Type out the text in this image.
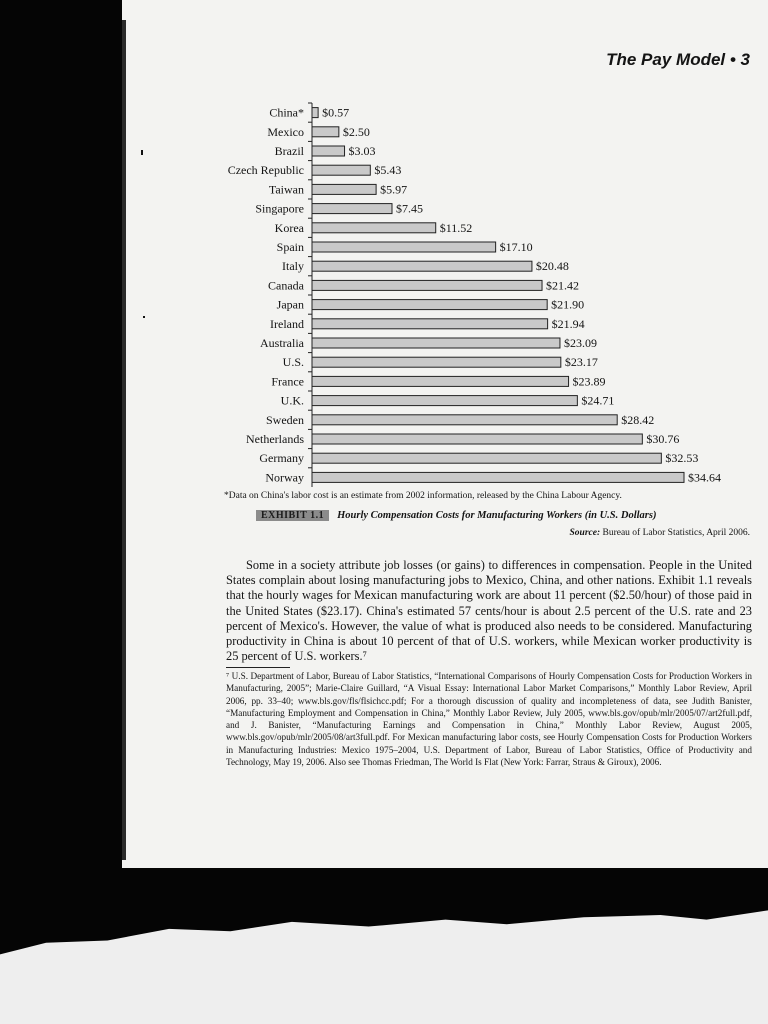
The Pay Model • 3
China* $0.57
Mexico	$2.50
Brazil	$3.03
Czech Republic	$5.43
Taiwan	$5.97
Singapore	$7.45
Korea	$11.52
Spain	$17.10
Italy	$20.48
Canada	$21.42
Japan	$21.90
Ireland	$21.94
Australia	$23.09
U.S.	$23.17
France	$23.89
U.K.	$24.71
Sweden	$28.42
Netherlands	$30.76
Germany	$32.53
Norway	$34.64
*Data on China's labor cost is an estimate from 2002 information, released by the China Labour Agency.
EXHIBIT 1.1	Hourly Compensation Costs for Manufacturing Workers (in U.S. Dollars)
Source: Bureau of Labor Statistics, April 2006.

Some in a society attribute job losses (or gains) to differences in compensation. People in the United States complain about losing manufacturing jobs to Mexico, China, and other nations. Exhibit 1.1 reveals that the hourly wages for Mexican manufacturing work are about 11 percent ($2.50/hour) of those paid in the United States ($23.17). China's estimated 57 cents/hour is about 2.5 percent of the U.S. rate and 23 percent of Mexico's. However, the value of what is produced also needs to be considered. Manufacturing productivity in China is about 10 percent of that of U.S. workers, while Mexican worker productivity is 25 percent of U.S. workers.⁷

⁷ U.S. Department of Labor, Bureau of Labor Statistics, “International Comparisons of Hourly Compensation Costs for Production Workers in Manufacturing, 2005”; Marie-Claire Guillard, “A Visual Essay: International Labor Market Comparisons,” Monthly Labor Review, April 2006, pp. 33–40; www.bls.gov/fls/flsichcc.pdf; For a thorough discussion of quality and incompleteness of data, see Judith Banister, “Manufacturing Employment and Compensation in China,” Monthly Labor Review, July 2005, www.bls.gov/opub/mlr/2005/07/art2full.pdf, and J. Banister, “Manufacturing Earnings and Compensation in China,” Monthly Labor Review, August 2005, www.bls.gov/opub/mlr/2005/08/art3full.pdf. For Mexican manufacturing labor costs, see Hourly Compensation Costs for Production Workers in Manufacturing Industries: Mexico 1975–2004, U.S. Department of Labor, Bureau of Labor Statistics, Office of Productivity and Technology, May 19, 2006. Also see Thomas Friedman, The World Is Flat (New York: Farrar, Straus & Giroux), 2006.
